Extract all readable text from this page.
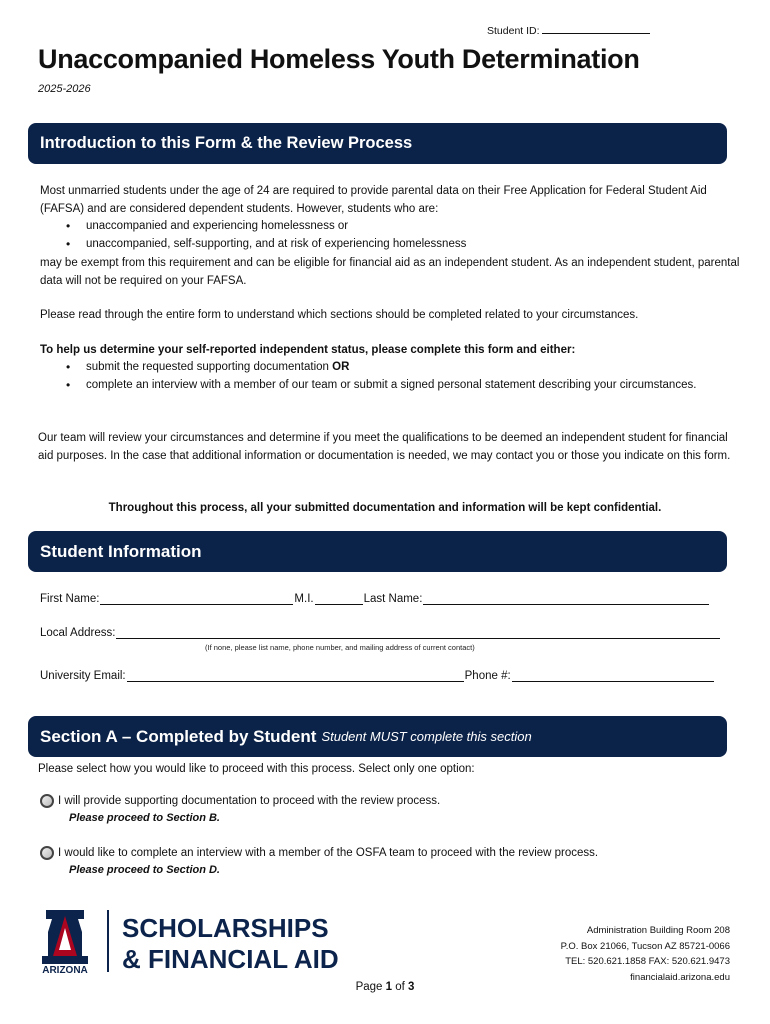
Student ID:
Unaccompanied Homeless Youth Determination
2025-2026
Introduction to this Form & the Review Process

Most unmarried students under the age of 24 are required to provide parental data on their Free Application for Federal Student Aid (FAFSA) and are considered dependent students. However, students who are:

• unaccompanied and experiencing homelessness or
• unaccompanied, self-supporting, and at risk of experiencing homelessness

may be exempt from this requirement and can be eligible for financial aid as an independent student. As an independent student, parental data will not be required on your FAFSA.

Please read through the entire form to understand which sections should be completed related to your circumstances.

To help us determine your self-reported independent status, please complete this form and either:

• submit the requested supporting documentation OR
• complete an interview with a member of our team or submit a signed personal statement describing your circumstances.

Our team will review your circumstances and determine if you meet the qualifications to be deemed an independent student for financial aid purposes. In the case that additional information or documentation is needed, we may contact you or those you indicate on this form.

Throughout this process, all your submitted documentation and information will be kept confidential.

Student Information
First Name:	M.I.	Last Name:
Local Address:
(If none, please list name, phone number, and mailing address of current contact)
University Email:	Phone #:
Section A – Completed by Student Student MUST complete this section

Please select how you would like to proceed with this process. Select only one option:

I will provide supporting documentation to proceed with the review process.
Please proceed to Section B.
I would like to complete an interview with a member of the OSFA team to proceed with the review process.
Please proceed to Section D.
ARIZONA
SCHOLARSHIPS
& FINANCIAL AID
Administration Building Room 208
P.O. Box 21066, Tucson AZ 85721-0066
TEL: 520.621.1858 FAX: 520.621.9473
financialaid.arizona.edu
Page 1 of 3
